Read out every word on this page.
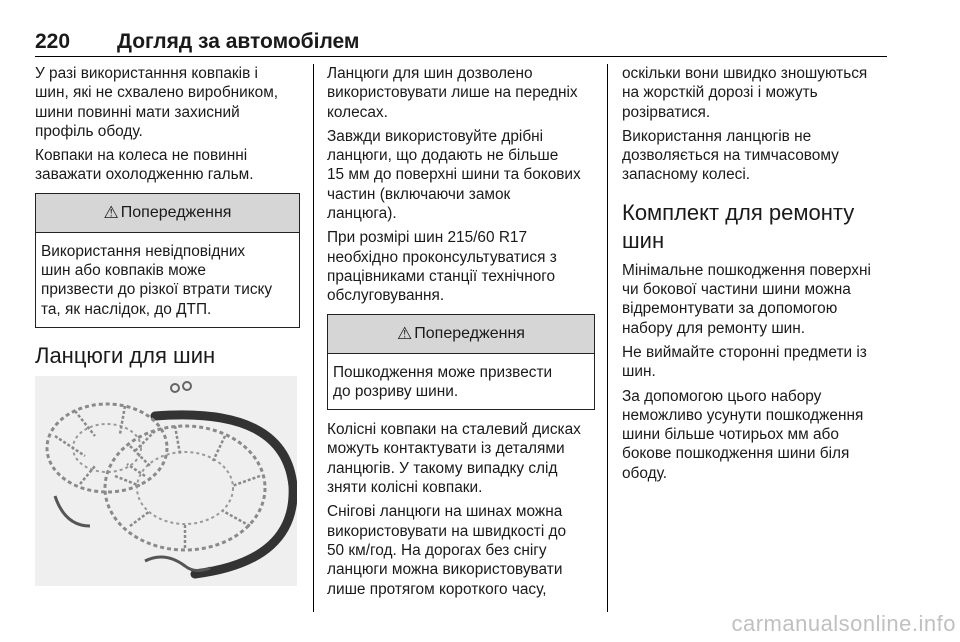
220 Догляд за автомобілем

У разі використанння ковпаків і
шин, які не схвалено виробником,
шини повинні мати захисний
профіль ободу.

Ковпаки на колеса не повинні
заважати охолодженню гальм.

⚠ Попередження
Використання невідповідних
шин або ковпаків може
призвести до різкої втрати тиску
та, як наслідок, до ДТП.
Ланцюги для шин

Ланцюги для шин дозволено
використовувати лише на передніх
колесах.

Завжди використовуйте дрібні
ланцюги, що додають не більше
15 мм до поверхні шини та бокових
частин (включаючи замок
ланцюга).

При розмірі шин 215/60 R17
необхідно проконсультуватися з
працівниками станції технічного
обслуговування.

⚠ Попередження
Пошкодження може призвести
до розриву шини.

Колісні ковпаки на сталевий дисках
можуть контактувати із деталями
ланцюгів. У такому випадку слід
зняти колісні ковпаки.

Снігові ланцюги на шинах можна
використовувати на швидкості до
50 км/год. На дорогах без снігу
ланцюги можна використовувати
лише протягом короткого часу,

оскільки вони швидко зношуються
на жорсткій дорозі і можуть
розірватися.

Використання ланцюгів не
дозволяється на тимчасовому
запасному колесі.

Комплект для ремонту
шин

Мінімальне пошкодження поверхні
чи бокової частини шини можна
відремонтувати за допомогою
набору для ремонту шин.

Не виймайте сторонні предмети із
шин.

За допомогою цього набору
неможливо усунути пошкодження
шини більше чотирьох мм або
бокове пошкодження шини біля
ободу.

carmanualsonline.info
